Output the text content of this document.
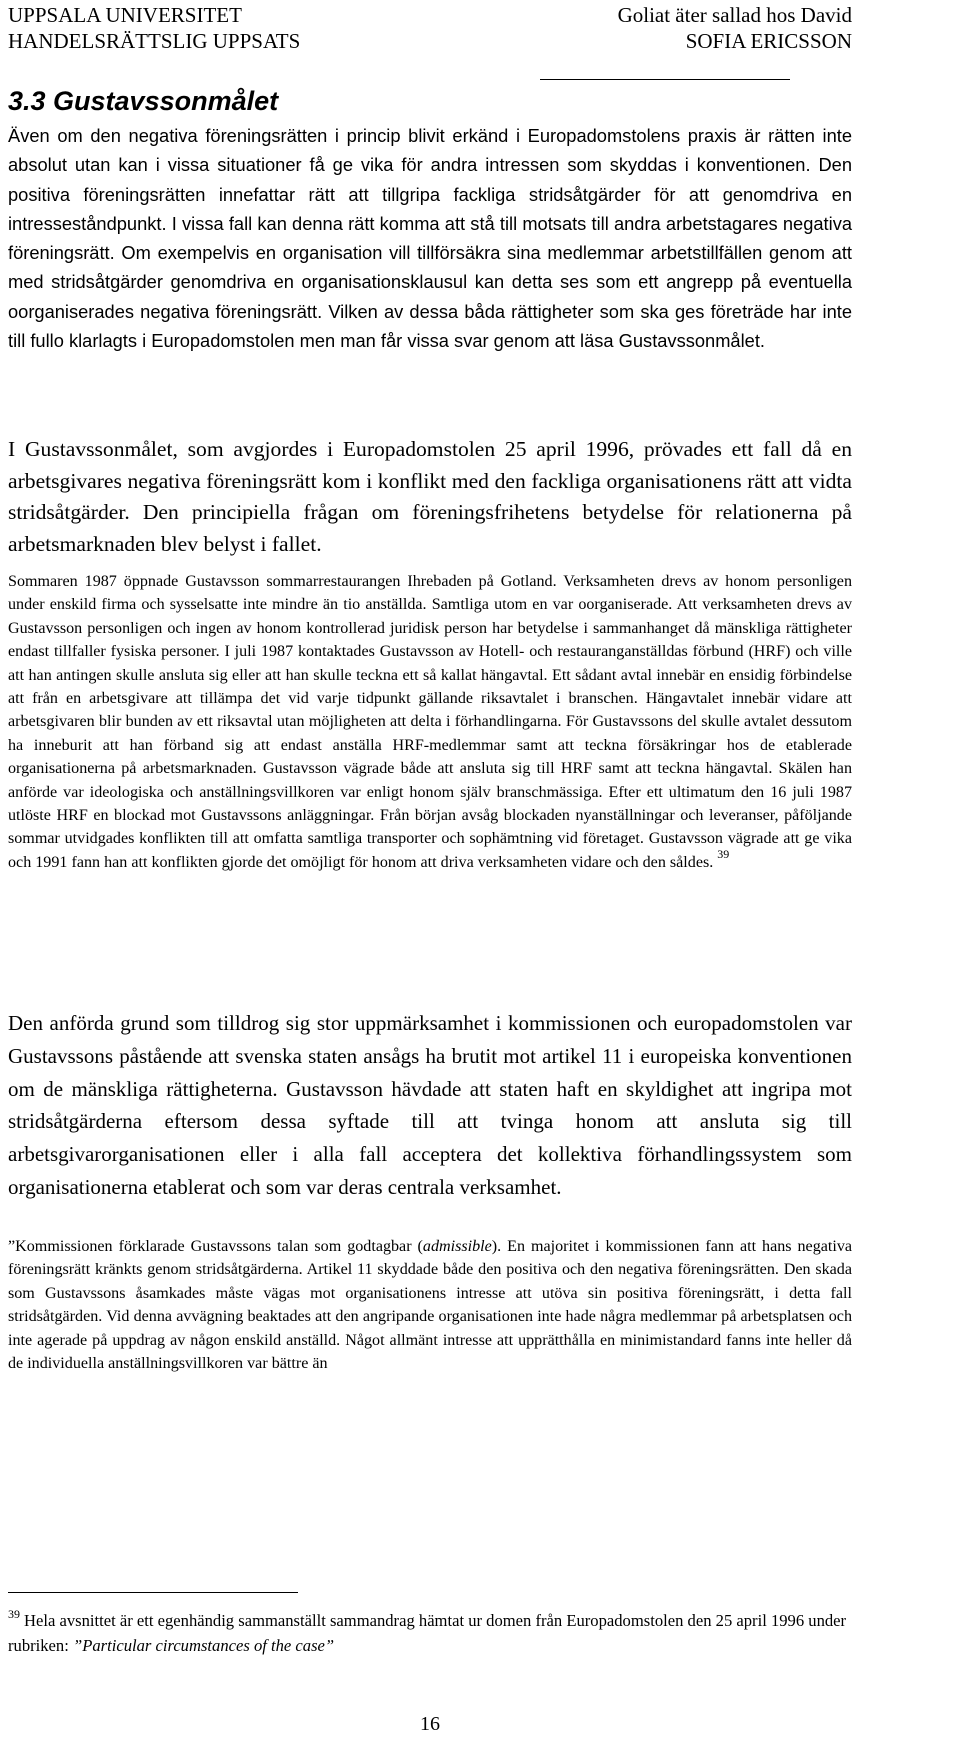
UPPSALA UNIVERSITET
HANDELSRÄTTSLIG UPPSATS
Goliat äter sallad hos David
SOFIA ERICSSON
3.3 Gustavssonmålet

Även om den negativa föreningsrätten i princip blivit erkänd i Europadomstolens praxis är rätten inte absolut utan kan i vissa situationer få ge vika för andra intressen som skyddas i konventionen. Den positiva föreningsrätten innefattar rätt att tillgripa fackliga stridsåtgärder för att genomdriva en intresseståndpunkt. I vissa fall kan denna rätt komma att stå till motsats till andra arbetstagares negativa föreningsrätt. Om exempelvis en organisation vill tillförsäkra sina medlemmar arbetstillfällen genom att med stridsåtgärder genomdriva en organisationsklausul kan detta ses som ett angrepp på eventuella oorganiserades negativa föreningsrätt. Vilken av dessa båda rättigheter som ska ges företräde har inte till fullo klarlagts i Europadomstolen men man får vissa svar genom att läsa Gustavssonmålet.

I Gustavssonmålet, som avgjordes i Europadomstolen 25 april 1996, prövades ett fall då en arbetsgivares negativa föreningsrätt kom i konflikt med den fackliga organisationens rätt att vidta stridsåtgärder. Den principiella frågan om föreningsfrihetens betydelse för relationerna på arbetsmarknaden blev belyst i fallet.

Sommaren 1987 öppnade Gustavsson sommarrestaurangen Ihrebaden på Gotland. Verksamheten drevs av honom personligen under enskild firma och sysselsatte inte mindre än tio anställda. Samtliga utom en var oorganiserade. Att verksamheten drevs av Gustavsson personligen och ingen av honom kontrollerad juridisk person har betydelse i sammanhanget då mänskliga rättigheter endast tillfaller fysiska personer. I juli 1987 kontaktades Gustavsson av Hotell- och restauranganställdas förbund (HRF) och ville att han antingen skulle ansluta sig eller att han skulle teckna ett så kallat hängavtal. Ett sådant avtal innebär en ensidig förbindelse att från en arbetsgivare att tillämpa det vid varje tidpunkt gällande riksavtalet i branschen. Hängavtalet innebär vidare att arbetsgivaren blir bunden av ett riksavtal utan möjligheten att delta i förhandlingarna. För Gustavssons del skulle avtalet dessutom ha inneburit att han förband sig att endast anställa HRF-medlemmar samt att teckna försäkringar hos de etablerade organisationerna på arbetsmarknaden. Gustavsson vägrade både att ansluta sig till HRF samt att teckna hängavtal. Skälen han anförde var ideologiska och anställningsvillkoren var enligt honom själv branschmässiga. Efter ett ultimatum den 16 juli 1987 utlöste HRF en blockad mot Gustavssons anläggningar. Från början avsåg blockaden nyanställningar och leveranser, påföljande sommar utvidgades konflikten till att omfatta samtliga transporter och sophämtning vid företaget. Gustavsson vägrade att ge vika och 1991 fann han att konflikten gjorde det omöjligt för honom att driva verksamheten vidare och den såldes. $^{39}$

Den anförda grund som tilldrog sig stor uppmärksamhet i kommissionen och europadomstolen var Gustavssons påstående att svenska staten ansågs ha brutit mot artikel 11 i europeiska konventionen om de mänskliga rättigheterna. Gustavsson hävdade att staten haft en skyldighet att ingripa mot stridsåtgärderna eftersom dessa syftade till att tvinga honom att ansluta sig till arbetsgivarorganisationen eller i alla fall acceptera det kollektiva förhandlingssystem som organisationerna etablerat och som var deras centrala verksamhet.

”Kommissionen förklarade Gustavssons talan som godtagbar (admissible). En majoritet i kommissionen fann att hans negativa föreningsrätt kränkts genom stridsåtgärderna. Artikel 11 skyddade både den positiva och den negativa föreningsrätten. Den skada som Gustavssons åsamkades måste vägas mot organisationens intresse att utöva sin positiva föreningsrätt, i detta fall stridsåtgärden. Vid denna avvägning beaktades att den angripande organisationen inte hade några medlemmar på arbetsplatsen och inte agerade på uppdrag av någon enskild anställd. Något allmänt intresse att upprätthålla en minimistandard fanns inte heller då de individuella anställningsvillkoren var bättre än

$^{39}$ Hela avsnittet är ett egenhändig sammanställt sammandrag hämtat ur domen från Europadomstolen den 25 april 1996 under rubriken: ”Particular circumstances of the case”
16
